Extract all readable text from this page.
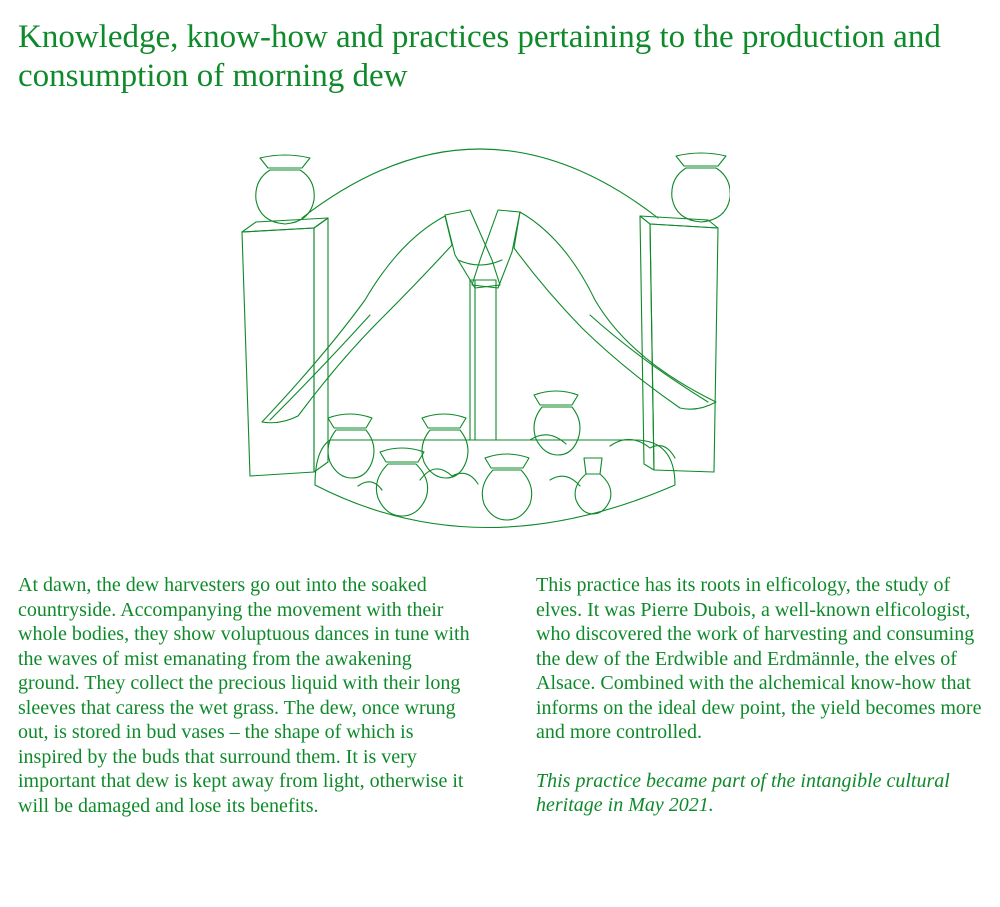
Knowledge, know-how and practices pertaining to the production and consumption of morning dew

At dawn, the dew harvesters go out into the soaked countryside. Accompanying the movement with their whole bodies, they show voluptuous dances in tune with the waves of mist emanating from the awakening ground. They collect the precious liquid with their long sleeves that caress the wet grass. The dew, once wrung out, is stored in bud vases – the shape of which is inspired by the buds that surround them. It is very important that dew is kept away from light, otherwise it will be damaged and lose its benefits.

This practice has its roots in elficology, the study of elves. It was Pierre Dubois, a well-known elficologist, who discovered the work of harvesting and consuming the dew of the Erdwible and Erdmännle, the elves of Alsace. Combined with the alchemical know-how that informs on the ideal dew point, the yield becomes more and more controlled.

This practice became part of the intangible cultural heritage in May 2021.
